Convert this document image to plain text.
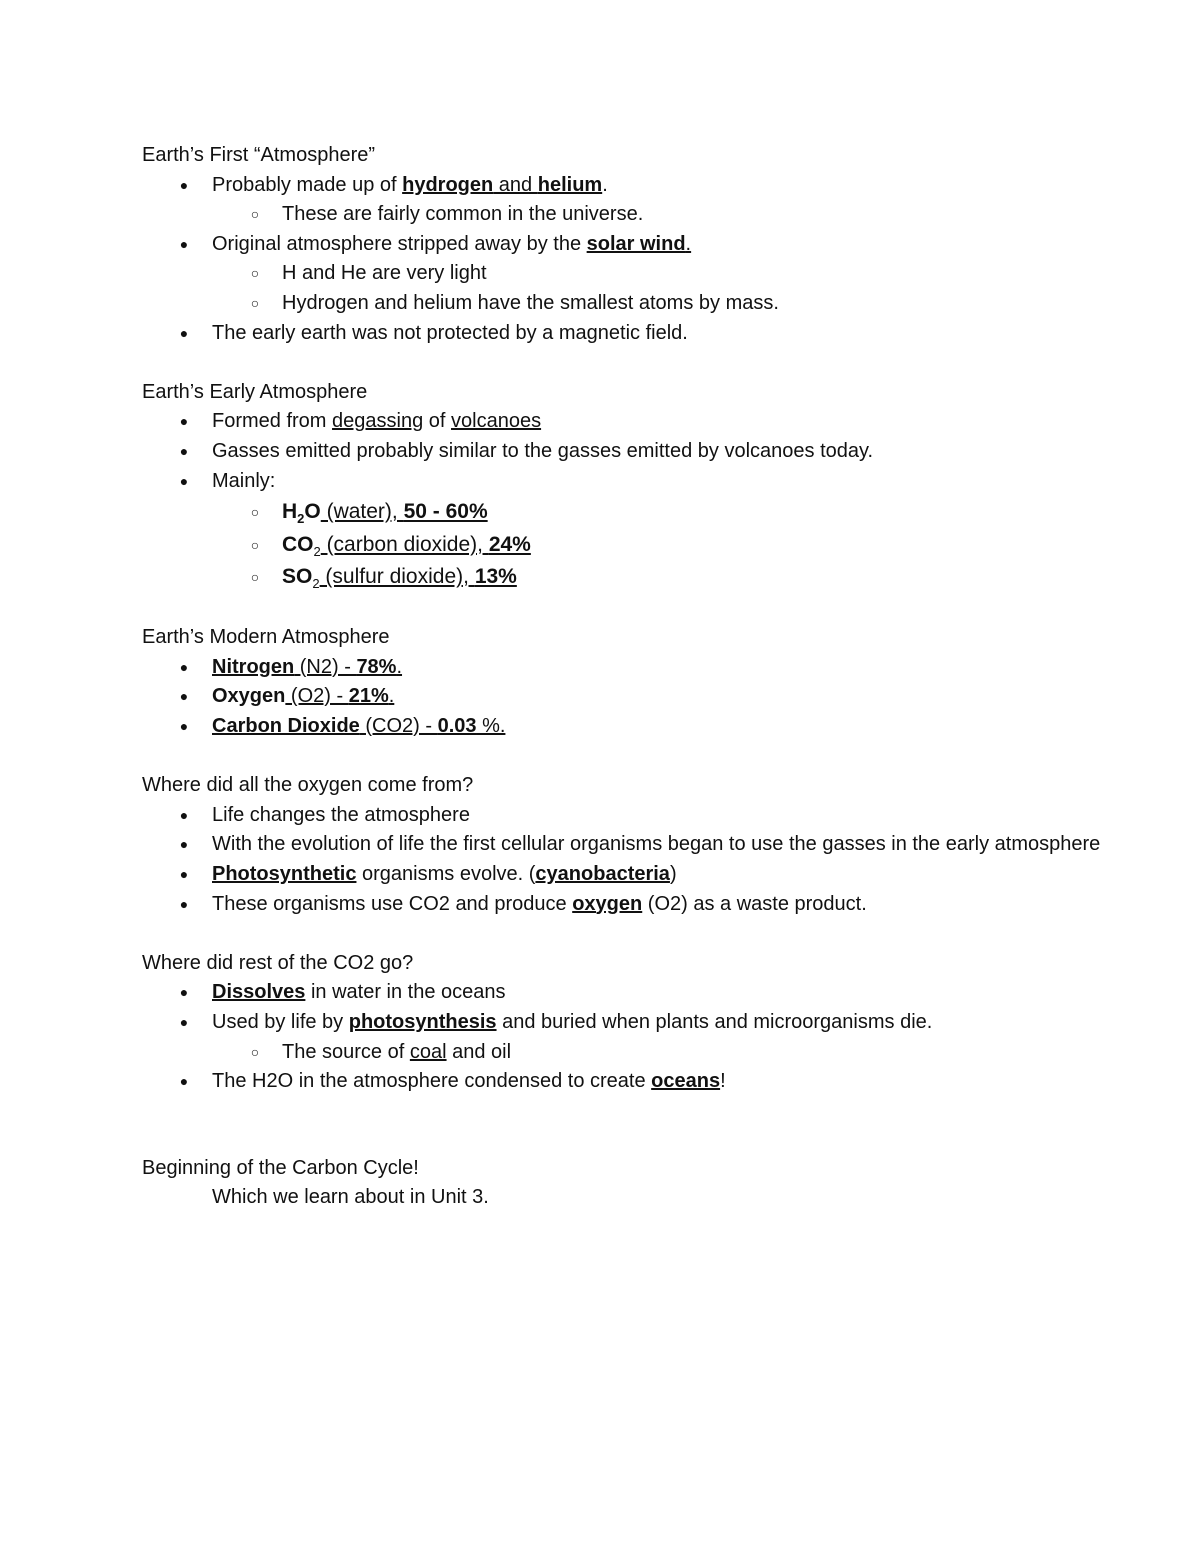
Earth’s First “Atmosphere”
● Probably made up of hydrogen and helium.
○ These are fairly common in the universe.
● Original atmosphere stripped away by the solar wind.
○ H and He are very light
○ Hydrogen and helium have the smallest atoms by mass.
● The early earth was not protected by a magnetic field.
Earth’s Early Atmosphere
● Formed from degassing of volcanoes
● Gasses emitted probably similar to the gasses emitted by volcanoes today.
● Mainly:
○ $H_2O$ (water), 50 - 60%
○ $CO_2$ (carbon dioxide), 24%
○ $SO_2$ (sulfur dioxide), 13%
Earth’s Modern Atmosphere
● Nitrogen (N2) - 78%.
● Oxygen (O2) - 21%.
● Carbon Dioxide (CO2) - 0.03 %.
Where did all the oxygen come from?
● Life changes the atmosphere
● With the evolution of life the first cellular organisms began to use the gasses in the early atmosphere
● Photosynthetic organisms evolve. (cyanobacteria)
● These organisms use CO2 and produce oxygen (O2) as a waste product.
Where did rest of the CO2 go?
● Dissolves in water in the oceans
● Used by life by photosynthesis and buried when plants and microorganisms die.
○ The source of coal and oil
● The H2O in the atmosphere condensed to create oceans!
Beginning of the Carbon Cycle!
Which we learn about in Unit 3.
